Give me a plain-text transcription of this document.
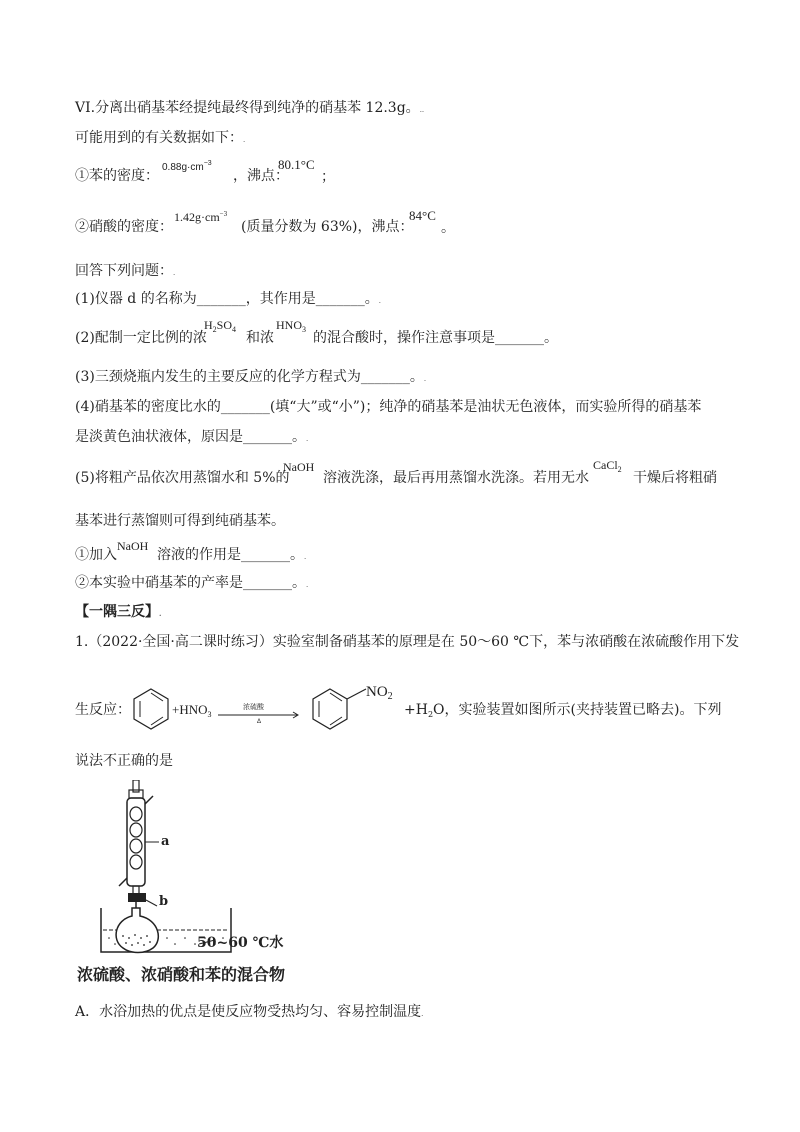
VI.分离出硝基苯经提纯最终得到纯净的硝基苯 12.3g。..
可能用到的有关数据如下：.
①苯的密度：
$0.88g\cdot cm^{-3}$
，沸点：
80.1°C
；
②硝酸的密度：
$1.42g\cdot cm^{-3}$
(质量分数为 63%)，沸点：
84°C
。
回答下列问题：.
(1)仪器 d 的名称为_______，其作用是_______。.
(2)配制一定比例的浓
$H_2SO_4$
和浓
$HNO_3$
的混合酸时，操作注意事项是_______。
(3)三颈烧瓶内发生的主要反应的化学方程式为_______。.
(4)硝基苯的密度比水的_______(填“大”或“小”)；纯净的硝基苯是油状无色液体，而实验所得的硝基苯
是淡黄色油状液体，原因是_______。.
(5)将粗产品依次用蒸馏水和 5%的
NaOH
溶液洗涤，最后再用蒸馏水洗涤。若用无水
CaCl$_2$
干燥后将粗硝
基苯进行蒸馏则可得到纯硝基苯。
①加入
NaOH
溶液的作用是_______。.
②本实验中硝基苯的产率是_______。.
【一隅三反】.
1.（2022·全国·高二课时练习）实验室制备硝基苯的原理是在 50～60 ℃下，苯与浓硝酸在浓硫酸作用下发
生反应：	$+HNO_3$
浓硫酸
Δ
$NO_2$
$+H_2O$，实验装置如图所示(夹持装置已略去)。下列
说法不正确的是
a
b
50~60 ℃水
浓硫酸、浓硝酸和苯的混合物
A．水浴加热的优点是使反应物受热均匀、容易控制温度.
